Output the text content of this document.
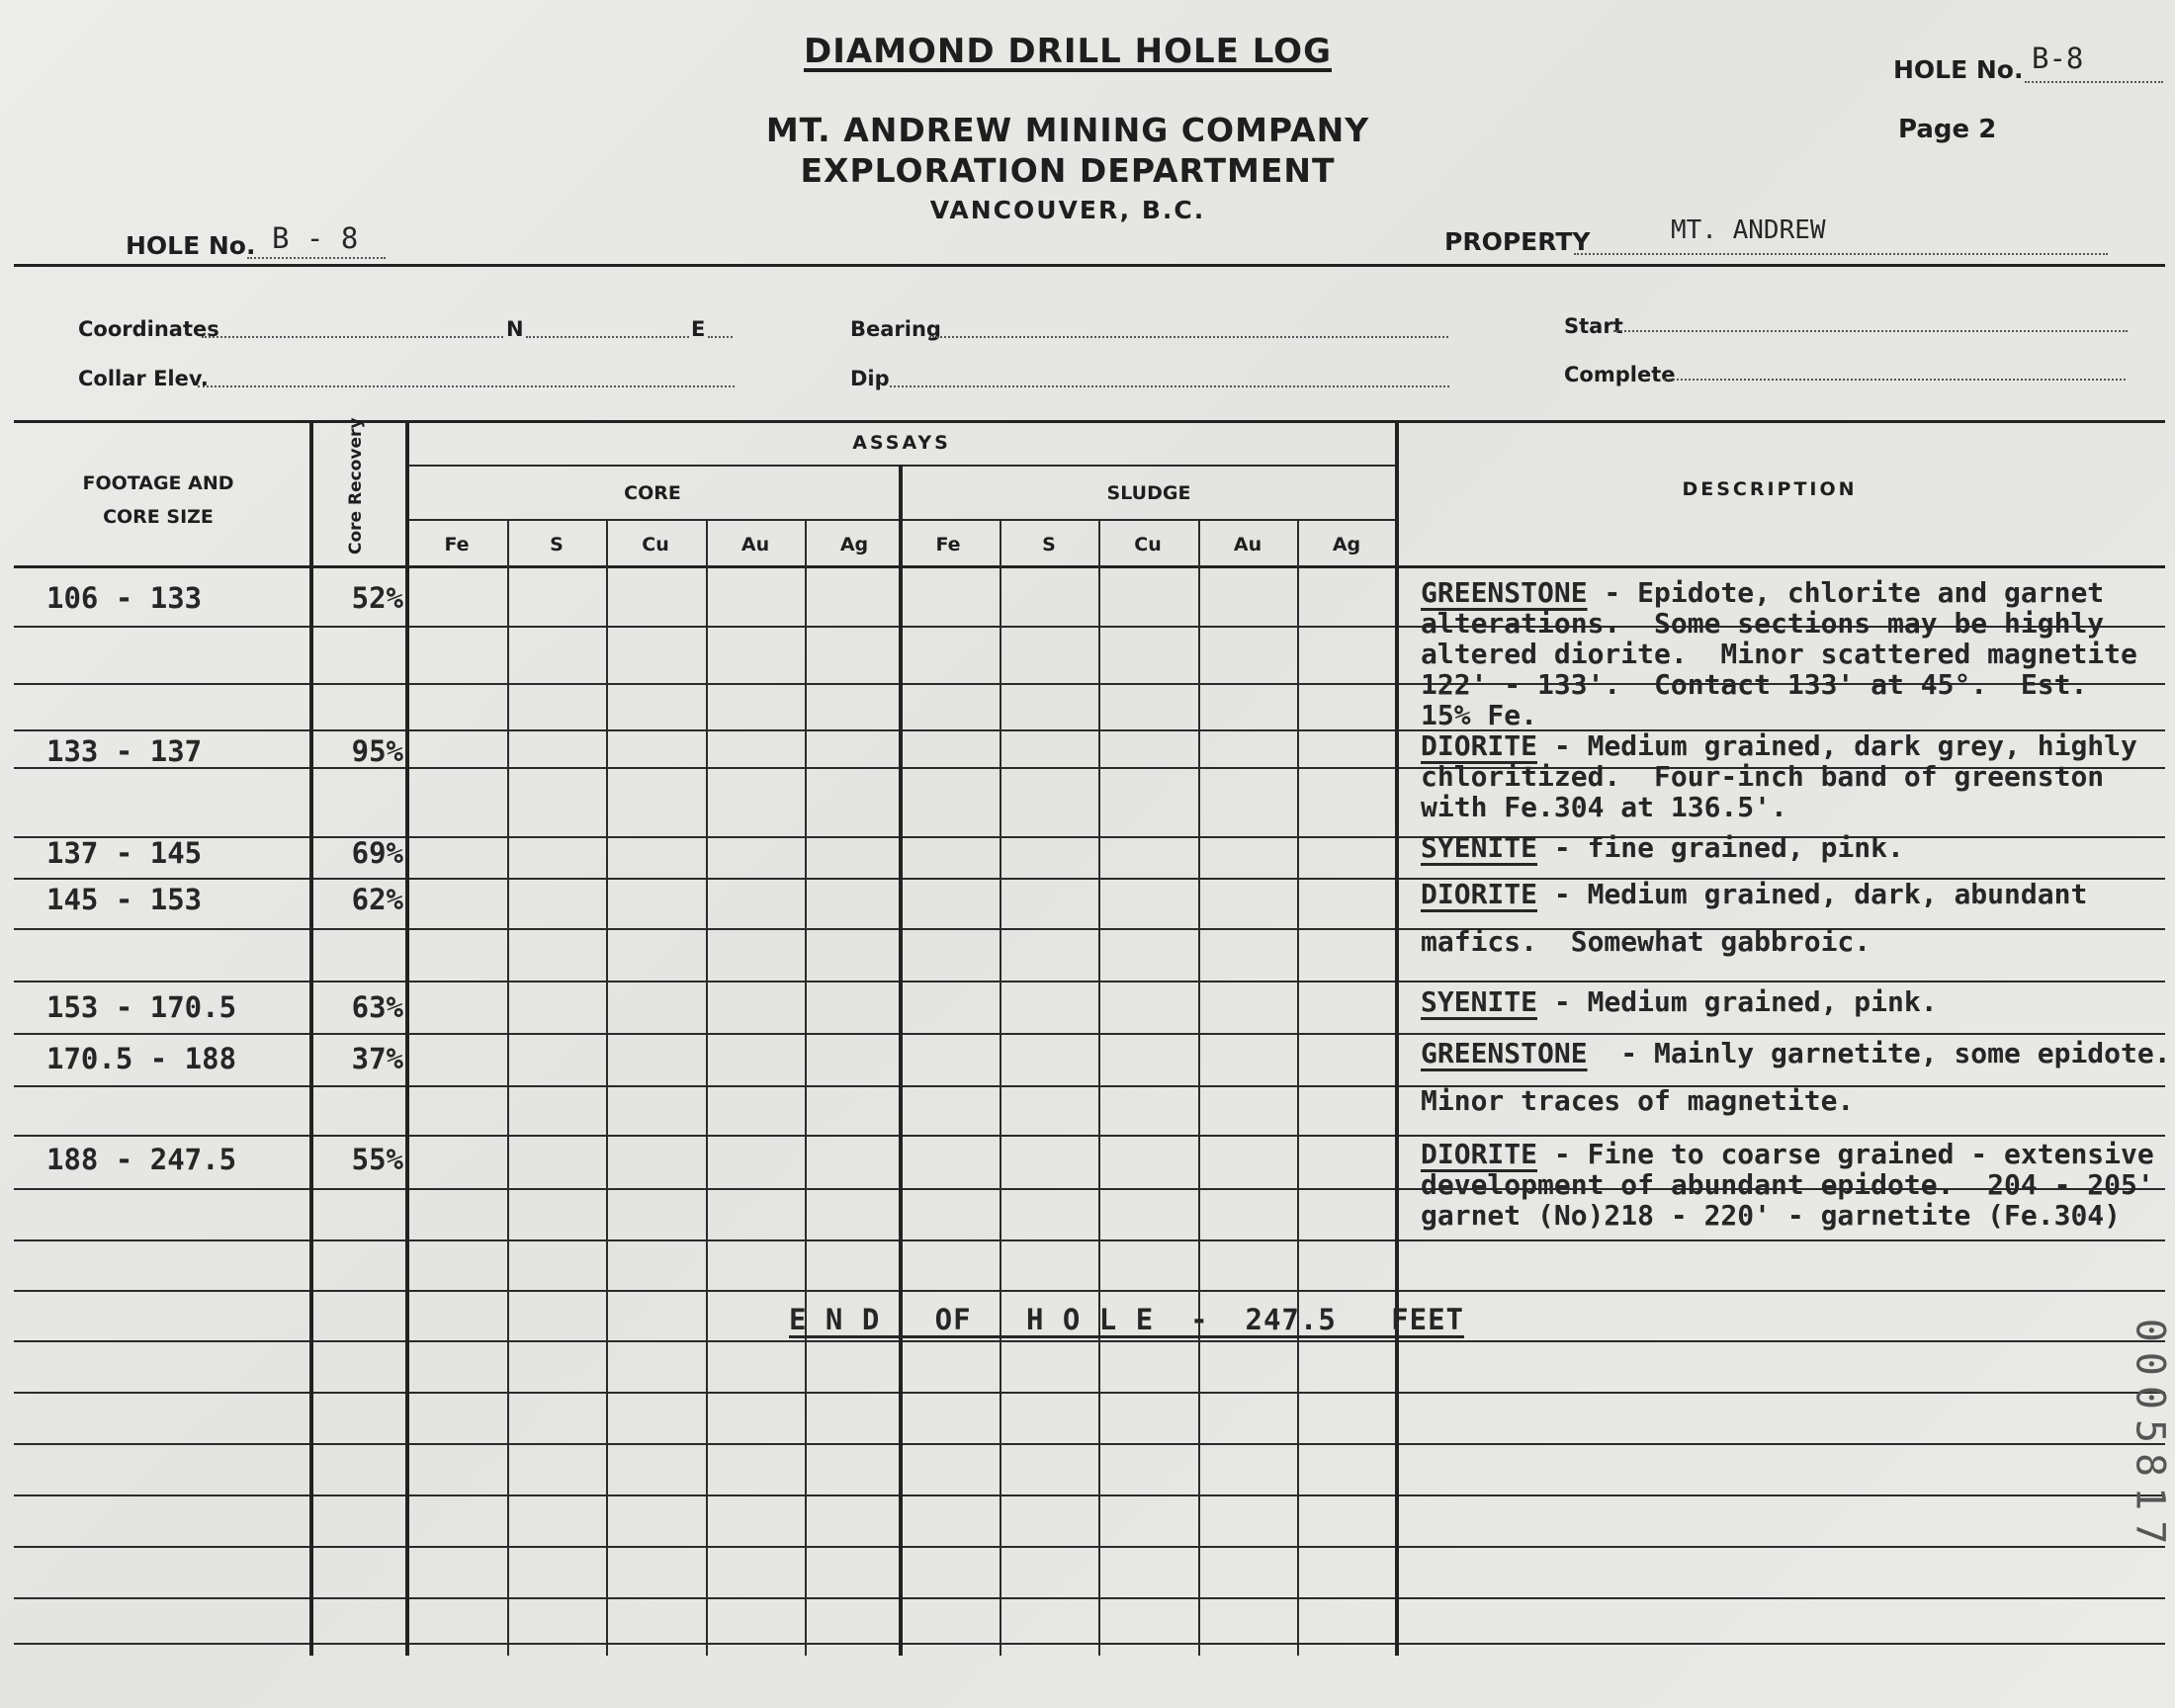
DIAMOND DRILL HOLE LOG	HOLE No. B-8
Page 2
MT. ANDREW MINING COMPANY
EXPLORATION DEPARTMENT
VANCOUVER, B.C.
HOLE No. B - 8	PROPERTY	MT. ANDREW
Coordinates	N	E
Collar Elev.
Bearing
Dip
Start
Complete
FOOTAGE AND
CORE SIZE	Core Recovery	ASSAYS
CORE	SLUDGE	DESCRIPTION
Fe	S	Cu	Au	Ag	Fe	S	Cu	Au	Ag
106 - 133	52%	GREENSTONE - Epidote, chlorite and garnet
alterations.  Some sections may be highly
altered diorite.  Minor scattered magnetite
122' - 133'.  Contact 133' at 45°.  Est.
15% Fe.
133 - 137	95%	DIORITE - Medium grained, dark grey, highly
chloritized.  Four-inch band of greenston
with Fe.304 at 136.5'.
137 - 145	69%	SYENITE - fine grained, pink.
145 - 153	62%	DIORITE - Medium grained, dark, abundant
mafics.  Somewhat gabbroic.
153 - 170.5	63%	SYENITE - Medium grained, pink.
170.5 - 188	37%	GREENSTONE  - Mainly garnetite, some epidote.
Minor traces of magnetite.
188 - 247.5	55%	DIORITE - Fine to coarse grained - extensive
development of abundant epidote.  204 - 205'
garnet (No)218 - 220' - garnetite (Fe.304)
E N D   OF   H O L E  -  247.5   FEET	0005817
